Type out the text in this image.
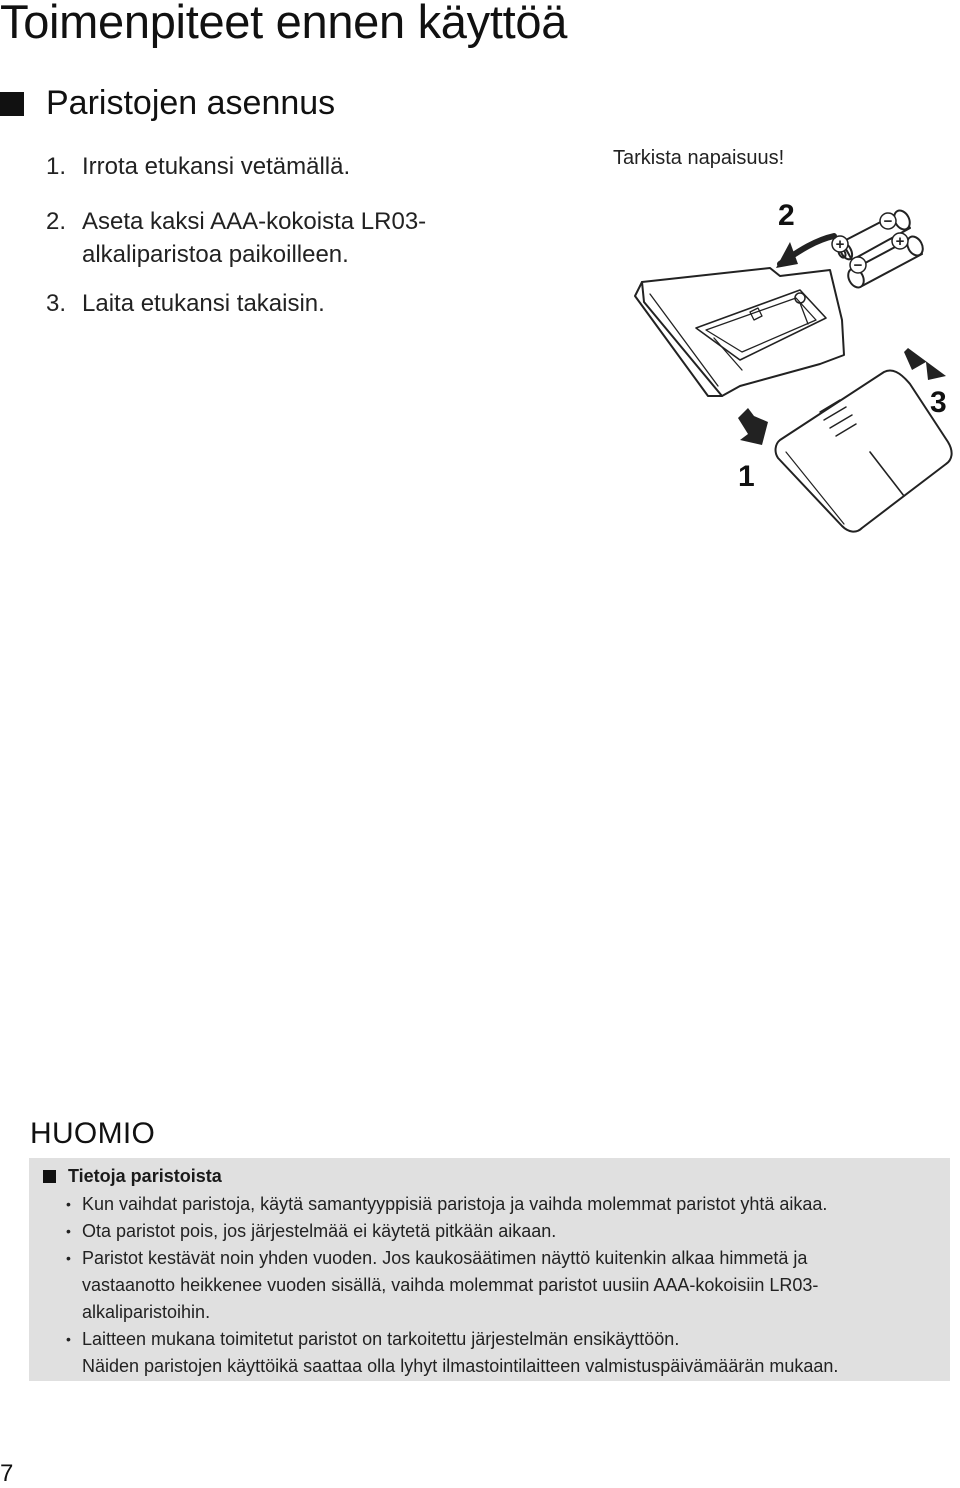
Toimenpiteet ennen käyttöä
Paristojen asennus
1. Irrota etukansi vetämällä.
2. Aseta kaksi AAA-kokoista LR03-
alkaliparistoa paikoilleen.
3. Laita etukansi takaisin.
Tarkista napaisuus!
+
−
+
−
2
3
1
HUOMIO
Tietoja paristoista
• Kun vaihdat paristoja, käytä samantyyppisiä paristoja ja vaihda molemmat paristot yhtä aikaa.
• Ota paristot pois, jos järjestelmää ei käytetä pitkään aikaan.
• Paristot kestävät noin yhden vuoden. Jos kaukosäätimen näyttö kuitenkin alkaa himmetä ja
vastaanotto heikkenee vuoden sisällä, vaihda molemmat paristot uusiin AAA-kokoisiin LR03-
alkaliparistoihin.
• Laitteen mukana toimitetut paristot on tarkoitettu järjestelmän ensikäyttöön.
Näiden paristojen käyttöikä saattaa olla lyhyt ilmastointilaitteen valmistuspäivämäärän mukaan.
7
